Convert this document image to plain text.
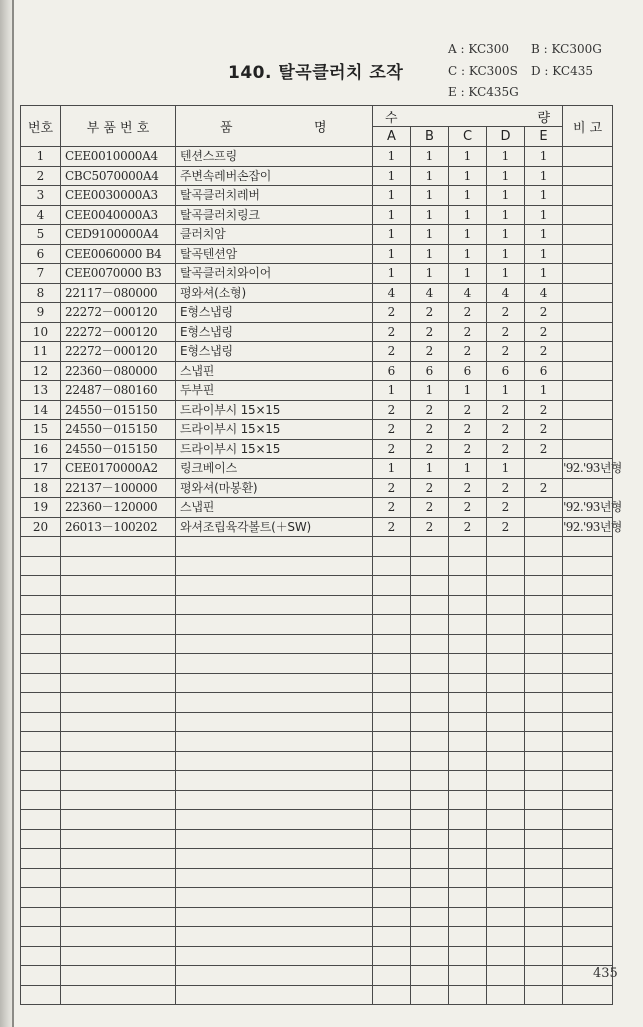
140. 탈곡클러치 조작
A : KC300 B : KC300G
C : KC300S D : KC435
E : KC435G
번호	부 품 번 호	품 명	수 량					비 고
			A	B	C	D	E	
1	CEE0010000A4	텐션스프링	1	1	1	1	1	
2	CBC5070000A4	주변속레버손잡이	1	1	1	1	1	
3	CEE0030000A3	탈곡클러치레버	1	1	1	1	1	
4	CEE0040000A3	탈곡클러치링크	1	1	1	1	1	
5	CED9100000A4	클러치암	1	1	1	1	1	
6	CEE0060000 B4	탈곡텐션암	1	1	1	1	1	
7	CEE0070000 B3	탈곡클러치와이어	1	1	1	1	1	
8	22117－080000	평와셔(소형)	4	4	4	4	4	
9	22272－000120	E형스냅링	2	2	2	2	2	
10	22272－000120	E형스냅링	2	2	2	2	2	
11	22272－000120	E형스냅링	2	2	2	2	2	
12	22360－080000	스냅핀	6	6	6	6	6	
13	22487－080160	두부핀	1	1	1	1	1	
14	24550－015150	드라이부시 15×15	2	2	2	2	2	
15	24550－015150	드라이부시 15×15	2	2	2	2	2	
16	24550－015150	드라이부시 15×15	2	2	2	2	2	
17	CEE0170000A2	링크베이스	1	1	1	1		'92.'93년형
18	22137－100000	평와셔(마봉환)	2	2	2	2	2	
19	22360－120000	스냅핀	2	2	2	2		'92.'93년형
20	26013－100202	와셔조립육각볼트(＋SW)	2	2	2	2		'92.'93년형

435
